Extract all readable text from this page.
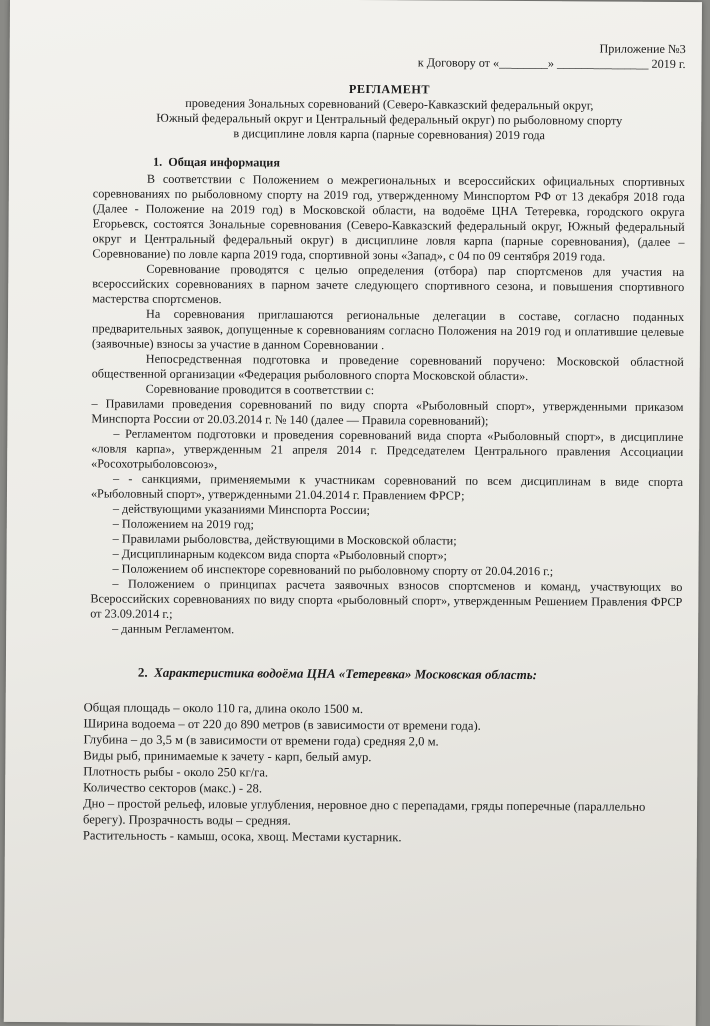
Приложение №3
к Договору от «________» _______________ 2019 г.
РЕГЛАМЕНТ

проведения Зональных соревнований (Северо-Кавказский федеральный округ,

Южный федеральный округ и Центральный федеральный округ) по рыболовному спорту

в дисциплине ловля карпа (парные соревнования) 2019 года

1. Общая информация

В соответствии с Положением о межрегиональных и всероссийских официальных спортивных соревнованиях по рыболовному спорту на 2019 год, утвержденному Минспортом РФ от 13 декабря 2018 года (Далее - Положение на 2019 год) в Московской области, на водоёме ЦНА Тетеревка, городского округа Егорьевск, состоятся Зональные соревнования (Северо-Кавказский федеральный округ, Южный федеральный округ и Центральный федеральный округ) в дисциплине ловля карпа (парные соревнования), (далее – Соревнование) по ловле карпа 2019 года, спортивной зоны «Запад», с 04 по 09 сентября 2019 года.

Соревнование проводятся с целью определения (отбора) пар спортсменов для участия на всероссийских соревнованиях в парном зачете следующего спортивного сезона, и повышения спортивного мастерства спортсменов.

На соревнования приглашаются региональные делегации в составе, согласно поданных предварительных заявок, допущенные к соревнованиям согласно Положения на 2019 год и оплатившие целевые (заявочные) взносы за участие в данном Соревновании .

Непосредственная подготовка и проведение соревнований поручено: Московской областной общественной организации «Федерация рыболовного спорта Московской области».

Соревнование проводится в соответствии с:

– Правилами проведения соревнований по виду спорта «Рыболовный спорт», утвержденными приказом Минспорта России от 20.03.2014 г. № 140 (далее — Правила соревнований);

– Регламентом подготовки и проведения соревнований вида спорта «Рыболовный спорт», в дисциплине «ловля карпа», утвержденным 21 апреля 2014 г. Председателем Центрального правления Ассоциации «Росохотрыболовсоюз»,

– - санкциями, применяемыми к участникам соревнований по всем дисциплинам в виде спорта «Рыболовный спорт», утвержденными 21.04.2014 г. Правлением ФРСР;

– действующими указаниями Минспорта России;

– Положением на 2019 год;

– Правилами рыболовства, действующими в Московской области;

– Дисциплинарным кодексом вида спорта «Рыболовный спорт»;

– Положением об инспекторе соревнований по рыболовному спорту от 20.04.2016 г.;

– Положением о принципах расчета заявочных взносов спортсменов и команд, участвующих во Всероссийских соревнованиях по виду спорта «рыболовный спорт», утвержденным Решением Правления ФРСР от 23.09.2014 г.;

– данным Регламентом.

2. Характеристика водоёма ЦНА «Тетеревка» Московская область:

Общая площадь – около 110 га, длина около 1500 м.

Ширина водоема – от 220 до 890 метров (в зависимости от времени года).

Глубина – до 3,5 м (в зависимости от времени года) средняя 2,0 м.

Виды рыб, принимаемые к зачету - карп, белый амур.

Плотность рыбы - около 250 кг/га.

Количество секторов (макс.) - 28.

Дно – простой рельеф, иловые углубления, неровное дно с перепадами, гряды поперечные (параллельно берегу). Прозрачность воды – средняя.

Растительность - камыш, осока, хвощ. Местами кустарник.
